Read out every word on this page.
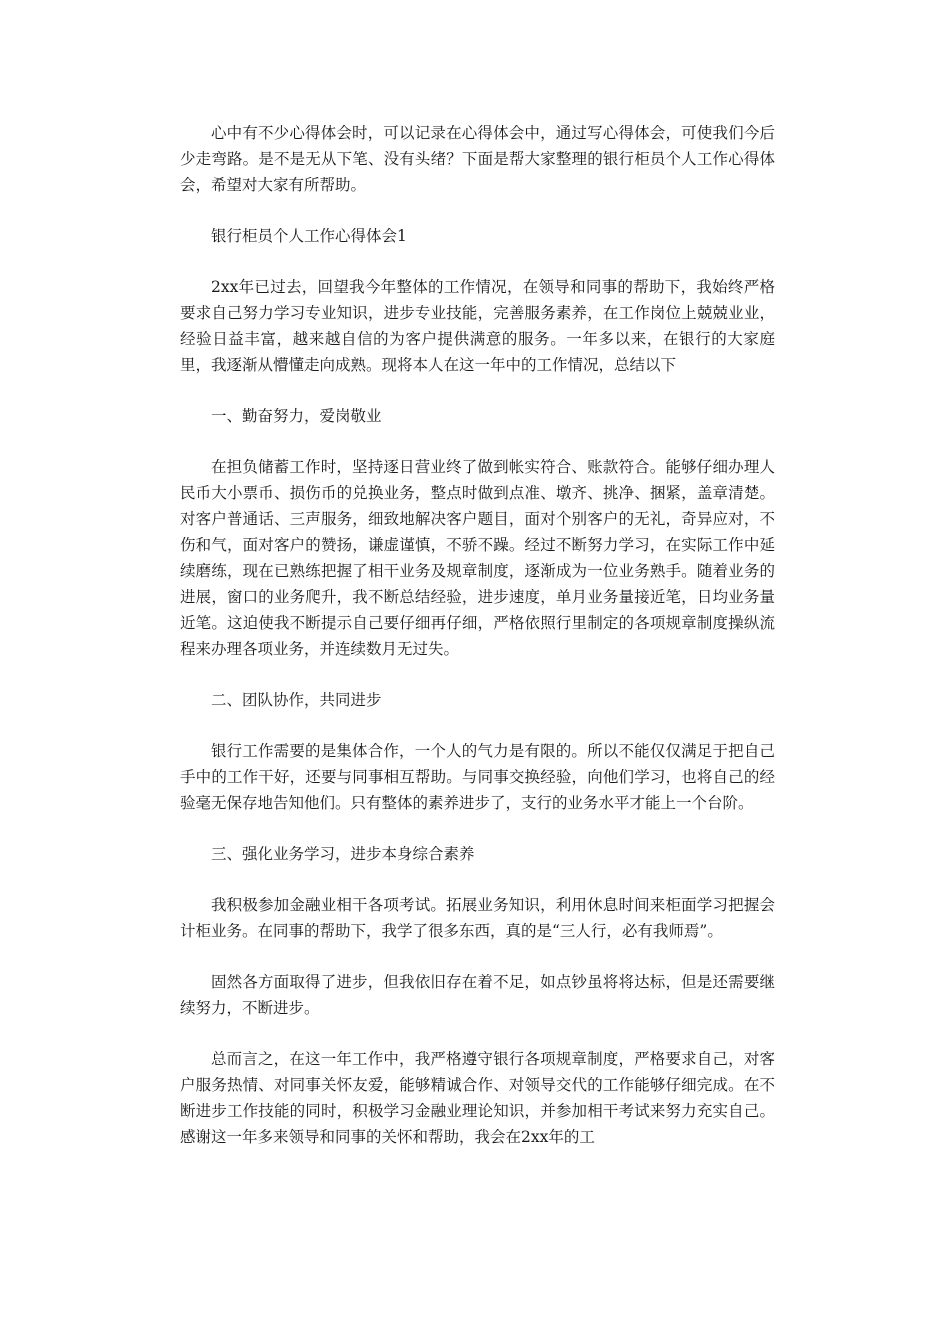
心中有不少心得体会时，可以记录在心得体会中，通过写心得体会，可使我们今后少走弯路。是不是无从下笔、没有头绪？下面是帮大家整理的银行柜员个人工作心得体会，希望对大家有所帮助。

银行柜员个人工作心得体会1

2xx年已过去，回望我今年整体的工作情况，在领导和同事的帮助下，我始终严格要求自己努力学习专业知识，进步专业技能，完善服务素养，在工作岗位上兢兢业业，经验日益丰富，越来越自信的为客户提供满意的服务。一年多以来，在银行的大家庭里，我逐渐从懵懂走向成熟。现将本人在这一年中的工作情况，总结以下

一、勤奋努力，爱岗敬业

在担负储蓄工作时，坚持逐日营业终了做到帐实符合、账款符合。能够仔细办理人民币大小票币、损伤币的兑换业务，整点时做到点准、墩齐、挑净、捆紧，盖章清楚。对客户普通话、三声服务，细致地解决客户题目，面对个别客户的无礼，奇异应对，不伤和气，面对客户的赞扬，谦虚谨慎，不骄不躁。经过不断努力学习，在实际工作中延续磨练，现在已熟练把握了相干业务及规章制度，逐渐成为一位业务熟手。随着业务的进展，窗口的业务爬升，我不断总结经验，进步速度，单月业务量接近笔，日均业务量近笔。这迫使我不断提示自己要仔细再仔细，严格依照行里制定的各项规章制度操纵流程来办理各项业务，并连续数月无过失。

二、团队协作，共同进步

银行工作需要的是集体合作，一个人的气力是有限的。所以不能仅仅满足于把自己手中的工作干好，还要与同事相互帮助。与同事交换经验，向他们学习，也将自己的经验毫无保存地告知他们。只有整体的素养进步了，支行的业务水平才能上一个台阶。

三、强化业务学习，进步本身综合素养

我积极参加金融业相干各项考试。拓展业务知识，利用休息时间来柜面学习把握会计柜业务。在同事的帮助下，我学了很多东西，真的是“三人行，必有我师焉”。

固然各方面取得了进步，但我依旧存在着不足，如点钞虽将将达标，但是还需要继续努力，不断进步。

总而言之，在这一年工作中，我严格遵守银行各项规章制度，严格要求自己，对客户服务热情、对同事关怀友爱，能够精诚合作、对领导交代的工作能够仔细完成。在不断进步工作技能的同时，积极学习金融业理论知识，并参加相干考试来努力充实自己。感谢这一年多来领导和同事的关怀和帮助，我会在2xx年的工
